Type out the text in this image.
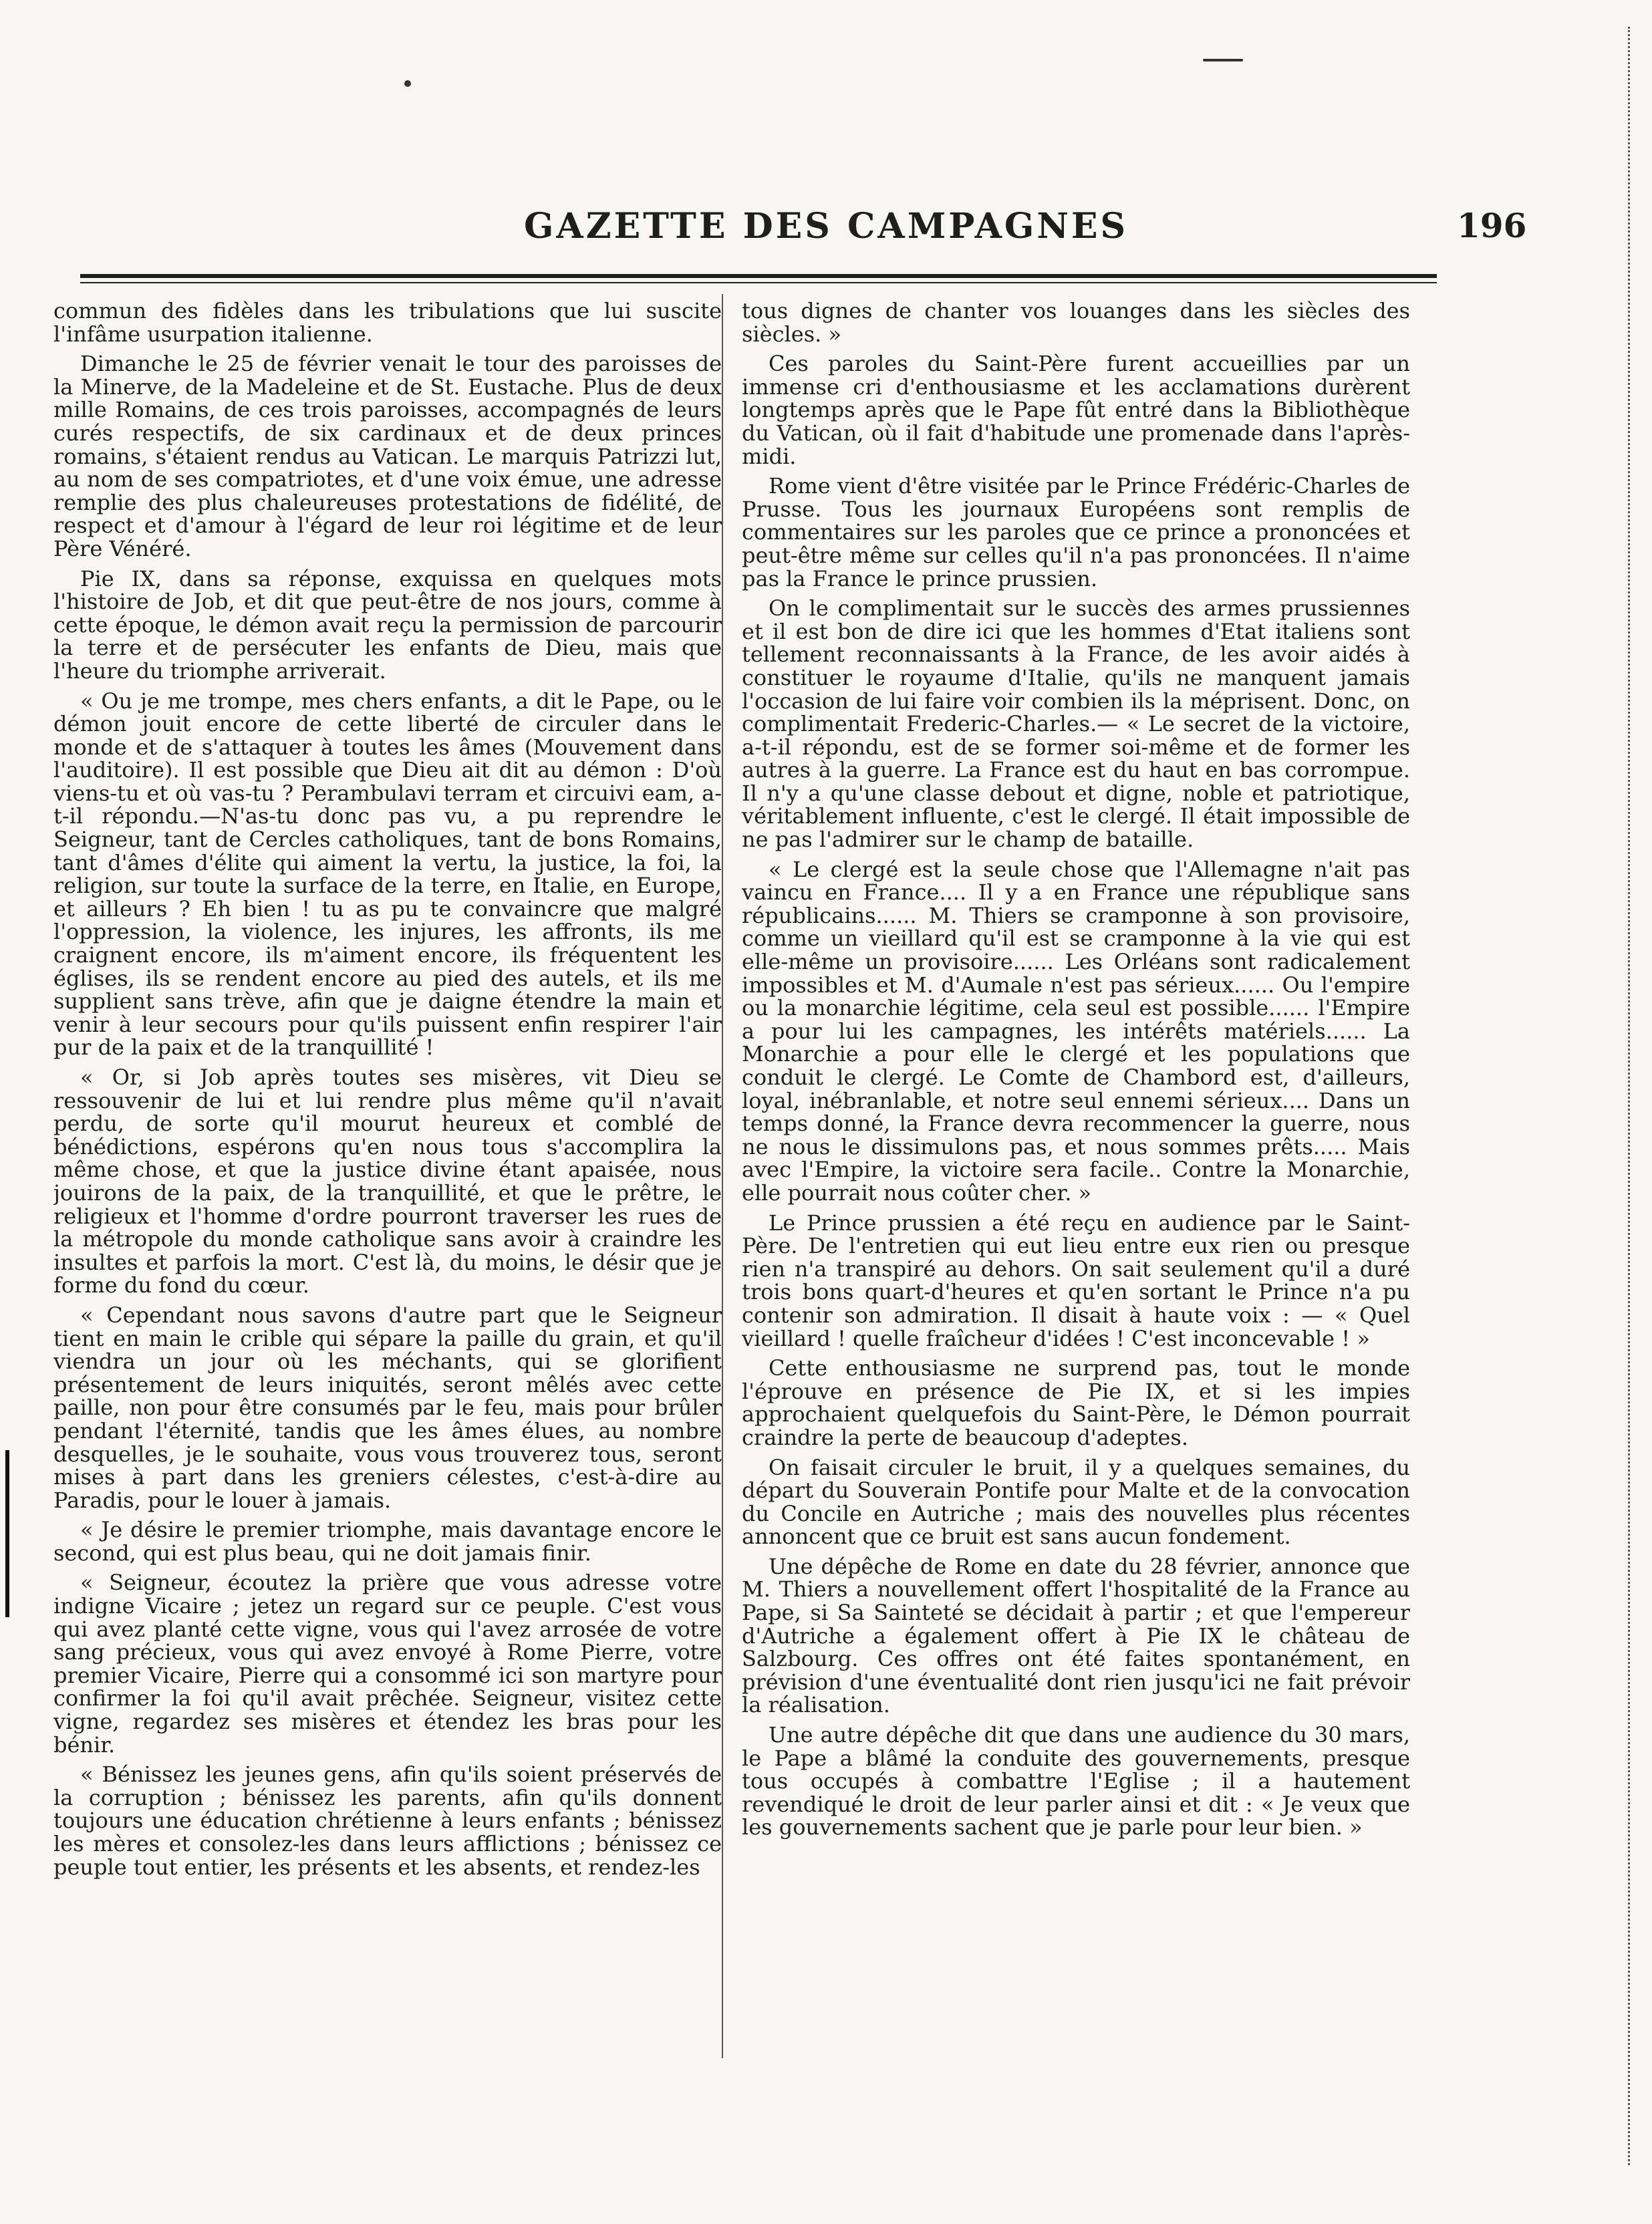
GAZETTE DES CAMPAGNES	196

commun des fidèles dans les tribulations que lui suscite l'infâme usurpation italienne.

Dimanche le 25 de février venait le tour des paroisses de la Minerve, de la Madeleine et de St. Eustache. Plus de deux mille Romains, de ces trois paroisses, accompagnés de leurs curés respectifs, de six cardinaux et de deux princes romains, s'étaient rendus au Vatican. Le marquis Patrizzi lut, au nom de ses compatriotes, et d'une voix émue, une adresse remplie des plus chaleureuses protestations de fidélité, de respect et d'amour à l'égard de leur roi légitime et de leur Père Vénéré.

Pie IX, dans sa réponse, exquissa en quelques mots l'histoire de Job, et dit que peut-être de nos jours, comme à cette époque, le démon avait reçu la permission de parcourir la terre et de persécuter les enfants de Dieu, mais que l'heure du triomphe arriverait.

« Ou je me trompe, mes chers enfants, a dit le Pape, ou le démon jouit encore de cette liberté de circuler dans le monde et de s'attaquer à toutes les âmes (Mouvement dans l'auditoire). Il est possible que Dieu ait dit au démon : D'où viens-tu et où vas-tu ? Perambulavi terram et circuivi eam, a-t-il répondu.—N'as-tu donc pas vu, a pu reprendre le Seigneur, tant de Cercles catholiques, tant de bons Romains, tant d'âmes d'élite qui aiment la vertu, la justice, la foi, la religion, sur toute la surface de la terre, en Italie, en Europe, et ailleurs ? Eh bien ! tu as pu te convaincre que malgré l'oppression, la violence, les injures, les affronts, ils me craignent encore, ils m'aiment encore, ils fréquentent les églises, ils se rendent encore au pied des autels, et ils me supplient sans trève, afin que je daigne étendre la main et venir à leur secours pour qu'ils puissent enfin respirer l'air pur de la paix et de la tranquillité !

« Or, si Job après toutes ses misères, vit Dieu se ressouvenir de lui et lui rendre plus même qu'il n'avait perdu, de sorte qu'il mourut heureux et comblé de bénédictions, espérons qu'en nous tous s'accomplira la même chose, et que la justice divine étant apaisée, nous jouirons de la paix, de la tranquillité, et que le prêtre, le religieux et l'homme d'ordre pourront traverser les rues de la métropole du monde catholique sans avoir à craindre les insultes et parfois la mort. C'est là, du moins, le désir que je forme du fond du cœur.

« Cependant nous savons d'autre part que le Seigneur tient en main le crible qui sépare la paille du grain, et qu'il viendra un jour où les méchants, qui se glorifient présentement de leurs iniquités, seront mêlés avec cette paille, non pour être consumés par le feu, mais pour brûler pendant l'éternité, tandis que les âmes élues, au nombre desquelles, je le souhaite, vous vous trouverez tous, seront mises à part dans les greniers célestes, c'est-à-dire au Paradis, pour le louer à jamais.

« Je désire le premier triomphe, mais davantage encore le second, qui est plus beau, qui ne doit jamais finir.

« Seigneur, écoutez la prière que vous adresse votre indigne Vicaire ; jetez un regard sur ce peuple. C'est vous qui avez planté cette vigne, vous qui l'avez arrosée de votre sang précieux, vous qui avez envoyé à Rome Pierre, votre premier Vicaire, Pierre qui a consommé ici son martyre pour confirmer la foi qu'il avait prêchée. Seigneur, visitez cette vigne, regardez ses misères et étendez les bras pour les bénir.

« Bénissez les jeunes gens, afin qu'ils soient préservés de la corruption ; bénissez les parents, afin qu'ils donnent toujours une éducation chrétienne à leurs enfants ; bénissez les mères et consolez-les dans leurs afflictions ; bénissez ce peuple tout entier, les présents et les absents, et rendez-les

tous dignes de chanter vos louanges dans les siècles des siècles. »

Ces paroles du Saint-Père furent accueillies par un immense cri d'enthousiasme et les acclamations durèrent longtemps après que le Pape fût entré dans la Bibliothèque du Vatican, où il fait d'habitude une promenade dans l'après-midi.

Rome vient d'être visitée par le Prince Frédéric-Charles de Prusse. Tous les journaux Européens sont remplis de commentaires sur les paroles que ce prince a prononcées et peut-être même sur celles qu'il n'a pas prononcées. Il n'aime pas la France le prince prussien.

On le complimentait sur le succès des armes prussiennes et il est bon de dire ici que les hommes d'Etat italiens sont tellement reconnaissants à la France, de les avoir aidés à constituer le royaume d'Italie, qu'ils ne manquent jamais l'occasion de lui faire voir combien ils la méprisent. Donc, on complimentait Frederic-Charles.— « Le secret de la victoire, a-t-il répondu, est de se former soi-même et de former les autres à la guerre. La France est du haut en bas corrompue. Il n'y a qu'une classe debout et digne, noble et patriotique, véritablement influente, c'est le clergé. Il était impossible de ne pas l'admirer sur le champ de bataille.

« Le clergé est la seule chose que l'Allemagne n'ait pas vaincu en France.... Il y a en France une république sans républicains...... M. Thiers se cramponne à son provisoire, comme un vieillard qu'il est se cramponne à la vie qui est elle-même un provisoire...... Les Orléans sont radicalement impossibles et M. d'Aumale n'est pas sérieux...... Ou l'empire ou la monarchie légitime, cela seul est possible...... l'Empire a pour lui les campagnes, les intérêts matériels...... La Monarchie a pour elle le clergé et les populations que conduit le clergé. Le Comte de Chambord est, d'ailleurs, loyal, inébranlable, et notre seul ennemi sérieux.... Dans un temps donné, la France devra recommencer la guerre, nous ne nous le dissimulons pas, et nous sommes prêts..... Mais avec l'Empire, la victoire sera facile.. Contre la Monarchie, elle pourrait nous coûter cher. »

Le Prince prussien a été reçu en audience par le Saint-Père. De l'entretien qui eut lieu entre eux rien ou presque rien n'a transpiré au dehors. On sait seulement qu'il a duré trois bons quart-d'heures et qu'en sortant le Prince n'a pu contenir son admiration. Il disait à haute voix : — « Quel vieillard ! quelle fraîcheur d'idées ! C'est inconcevable ! »

Cette enthousiasme ne surprend pas, tout le monde l'éprouve en présence de Pie IX, et si les impies approchaient quelquefois du Saint-Père, le Démon pourrait craindre la perte de beaucoup d'adeptes.

On faisait circuler le bruit, il y a quelques semaines, du départ du Souverain Pontife pour Malte et de la convocation du Concile en Autriche ; mais des nouvelles plus récentes annoncent que ce bruit est sans aucun fondement.

Une dépêche de Rome en date du 28 février, annonce que M. Thiers a nouvellement offert l'hospitalité de la France au Pape, si Sa Sainteté se décidait à partir ; et que l'empereur d'Autriche a également offert à Pie IX le château de Salzbourg. Ces offres ont été faites spontanément, en prévision d'une éventualité dont rien jusqu'ici ne fait prévoir la réalisation.

Une autre dépêche dit que dans une audience du 30 mars, le Pape a blâmé la conduite des gouvernements, presque tous occupés à combattre l'Eglise ; il a hautement revendiqué le droit de leur parler ainsi et dit : « Je veux que les gouvernements sachent que je parle pour leur bien. »
